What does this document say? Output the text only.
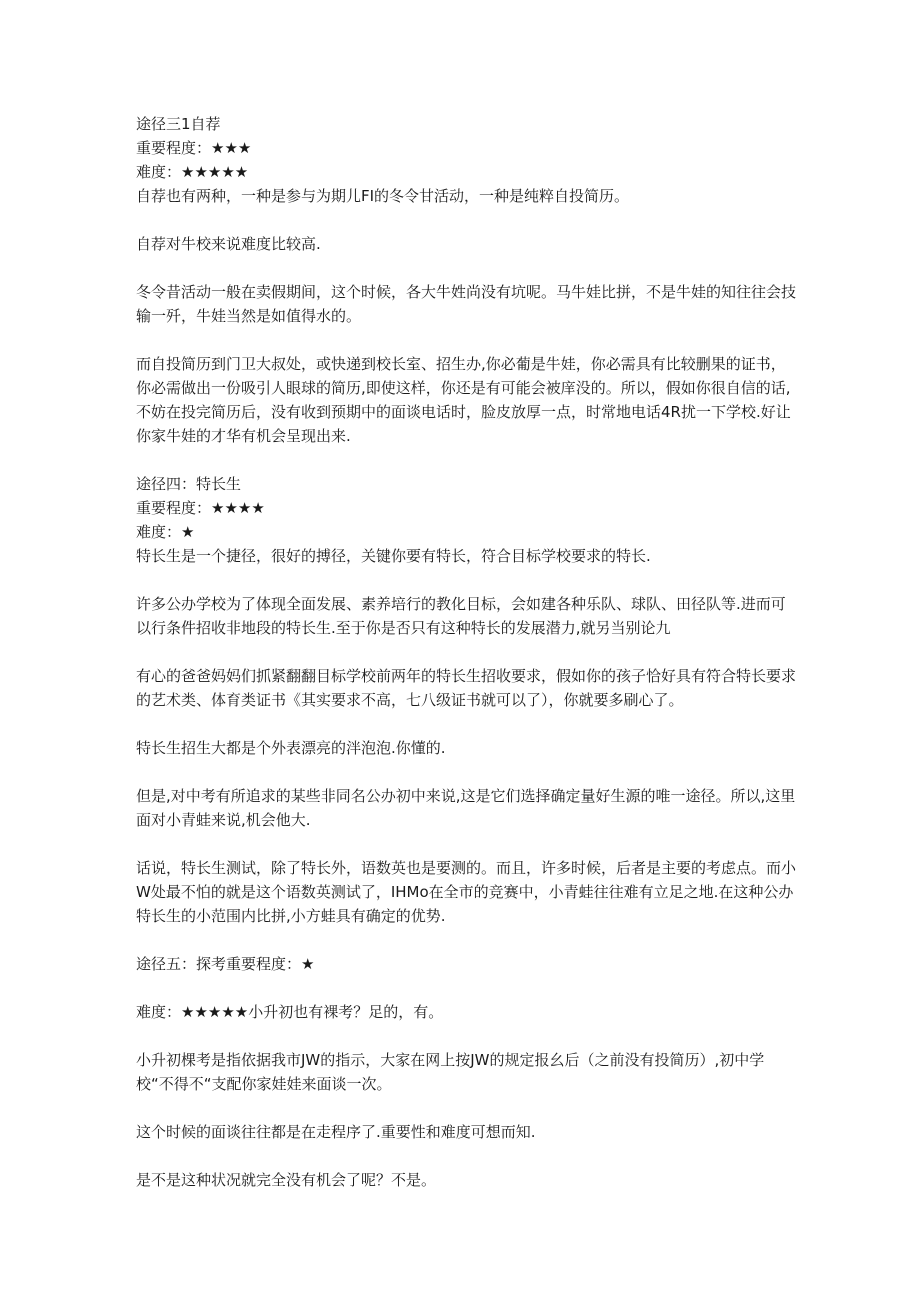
途径三1自荐

重要程度：★★★

难度：★★★★★

自荐也有两种，一种是参与为期儿FI的冬令甘活动，一种是纯粹自投简历。

自荐对牛校来说难度比较高.

冬令昔活动一般在卖假期间，这个时候，各大牛姓尚没有坑呢。马牛娃比拼，不是牛娃的知往往会技输一歼，牛娃当然是如值得水的。

而自投简历到门卫大叔处，或快递到校长室、招生办,你必葡是牛娃，你必需具有比较删果的证书，你必需做出一份吸引人眼球的简历,即使这样，你还是有可能会被庠没的。所以，假如你很自信的话,不妨在投完简历后，没有收到预期中的面谈电话时，脸皮放厚一点，时常地电话4R扰一下学校.好让你家牛娃的才华有机会呈现出来.

途径四：特长生

重要程度：★★★★

难度：★

特长生是一个捷径，很好的搏径，关键你要有特长，符合目标学校要求的特长.

许多公办学校为了体现全面发展、素养培行的教化目标，会如建各种乐队、球队、田径队等.进而可以行条件招收非地段的特长生.至于你是否只有这种特长的发展潜力,就另当别论九

有心的爸爸妈妈们抓紧翻翻目标学校前两年的特长生招收要求，假如你的孩子恰好具有符合特长要求的艺术类、体育类证书《其实要求不高，七八级证书就可以了），你就要多刷心了。

特长生招生大都是个外表漂亮的泮泡泡.你懂的.

但是,对中考有所追求的某些非同名公办初中来说,这是它们选择确定量好生源的唯一途径。所以,这里面对小青蛙来说,机会他大.

话说，特长生测试，除了特长外，语数英也是要测的。而且，许多时候，后者是主要的考虑点。而小W处最不怕的就是这个语数英测试了，IHMo在全市的竞赛中，小青蛙往往难有立足之地.在这种公办特长生的小范围内比拼,小方蛙具有确定的优势.

途径五：探考重要程度：★

难度：★★★★★小升初也有裸考？足的，有。

小升初棵考是指依据我市JW的指示，大家在网上按JW的规定报幺后（之前没有投简历）,初中学校“不得不“支配你家娃娃来面谈一次。

这个时候的面谈往往都是在走程序了.重要性和难度可想而知.

是不是这种状况就完全没有机会了呢？不是。
